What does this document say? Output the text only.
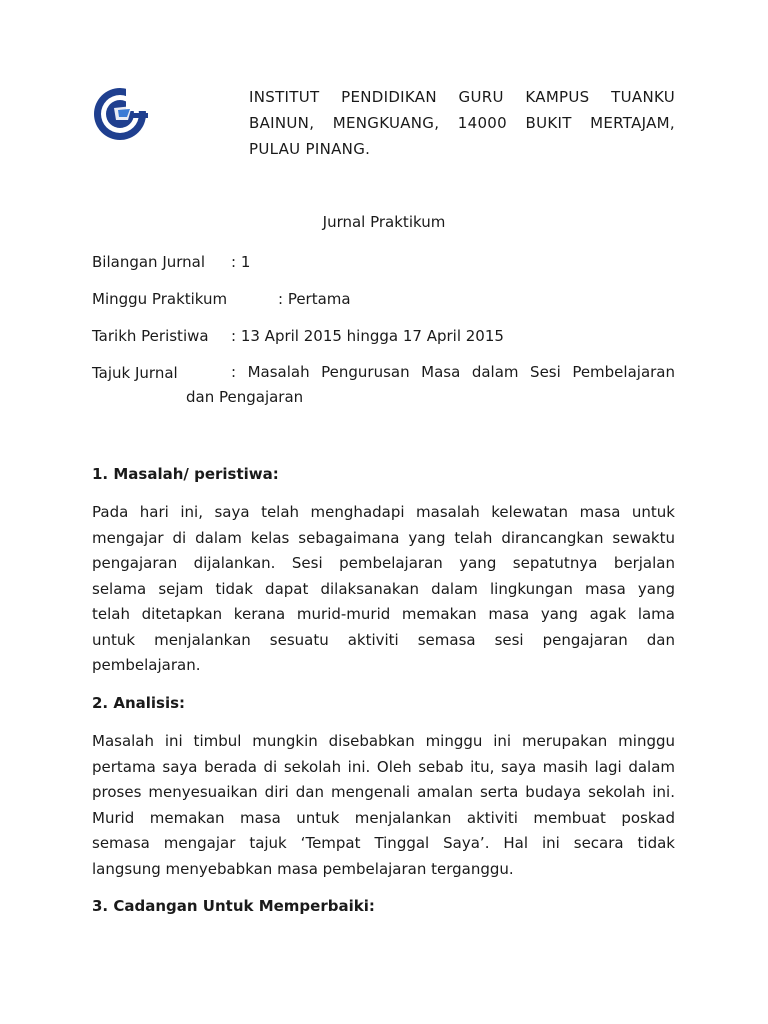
INSTITUT PENDIDIKAN GURU KAMPUS TUANKU
BAINUN, MENGKUANG, 14000 BUKIT MERTAJAM,
PULAU PINANG.
Jurnal Praktikum
Bilangan Jurnal : 1
Minggu Praktikum	: Pertama
Tarikh Peristiwa : 13 April 2015 hingga 17 April 2015
Tajuk Jurnal	: Masalah Pengurusan Masa dalam Sesi Pembelajaran
dan Pengajaran
1. Masalah/ peristiwa:
Pada hari ini, saya telah menghadapi masalah kelewatan masa untuk
mengajar di dalam kelas sebagaimana yang telah dirancangkan sewaktu
pengajaran dijalankan. Sesi pembelajaran yang sepatutnya berjalan
selama sejam tidak dapat dilaksanakan dalam lingkungan masa yang
telah ditetapkan kerana murid-murid memakan masa yang agak lama
untuk menjalankan sesuatu aktiviti semasa sesi pengajaran dan
pembelajaran.
2. Analisis:
Masalah ini timbul mungkin disebabkan minggu ini merupakan minggu
pertama saya berada di sekolah ini. Oleh sebab itu, saya masih lagi dalam
proses menyesuaikan diri dan mengenali amalan serta budaya sekolah ini.
Murid memakan masa untuk menjalankan aktiviti membuat poskad
semasa mengajar tajuk ‘Tempat Tinggal Saya’. Hal ini secara tidak
langsung menyebabkan masa pembelajaran terganggu.
3. Cadangan Untuk Memperbaiki:
